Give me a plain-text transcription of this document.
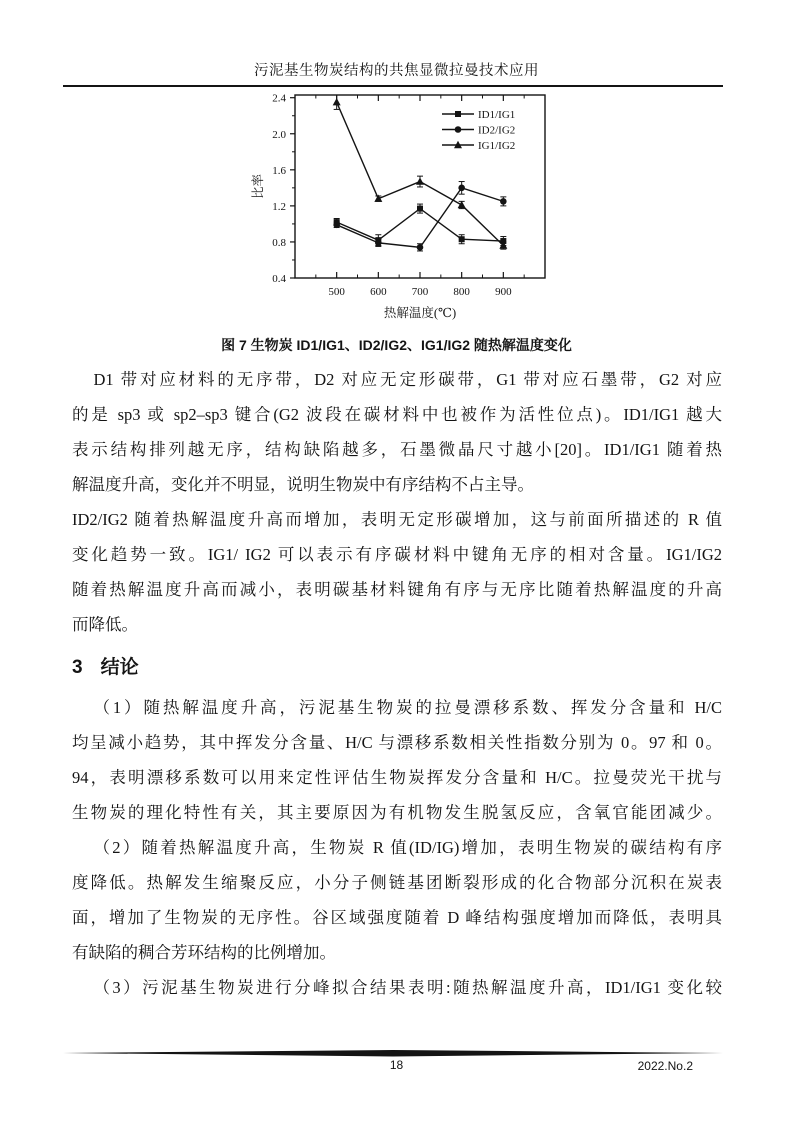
污泥基生物炭结构的共焦显微拉曼技术应用
500 600 700 800 900
0.4
0.8
1.2
1.6
2.0
2.4
ID1/IG1
ID2/IG2
IG1/IG2
热解温度(℃)
比率
图 7 生物炭 ID1/IG1、ID2/IG2、IG1/IG2 随热解温度变化
D1 带对应材料的无序带，D2 对应无定形碳带，G1 带对应石墨带，G2 对应
的是 sp3 或 sp2–sp3 键合(G2 波段在碳材料中也被作为活性位点)。ID1/IG1 越大
表示结构排列越无序，结构缺陷越多，石墨微晶尺寸越小[20]。ID1/IG1 随着热
解温度升高，变化并不明显，说明生物炭中有序结构不占主导。
ID2/IG2 随着热解温度升高而增加，表明无定形碳增加，这与前面所描述的 R 值
变化趋势一致。IG1/ IG2 可以表示有序碳材料中键角无序的相对含量。IG1/IG2
随着热解温度升高而减小，表明碳基材料键角有序与无序比随着热解温度的升高
而降低。
3 结论
（1）随热解温度升高，污泥基生物炭的拉曼漂移系数、挥发分含量和 H/C
均呈减小趋势，其中挥发分含量、H/C 与漂移系数相关性指数分别为 0。97 和 0。
94，表明漂移系数可以用来定性评估生物炭挥发分含量和 H/C。拉曼荧光干扰与
生物炭的理化特性有关，其主要原因为有机物发生脱氢反应，含氧官能团减少。
（2）随着热解温度升高，生物炭 R 值(ID/IG)增加，表明生物炭的碳结构有序
度降低。热解发生缩聚反应，小分子侧链基团断裂形成的化合物部分沉积在炭表
面，增加了生物炭的无序性。谷区域强度随着 D 峰结构强度增加而降低，表明具
有缺陷的稠合芳环结构的比例增加。
（3）污泥基生物炭进行分峰拟合结果表明:随热解温度升高，ID1/IG1 变化较
18	2022.No.2
